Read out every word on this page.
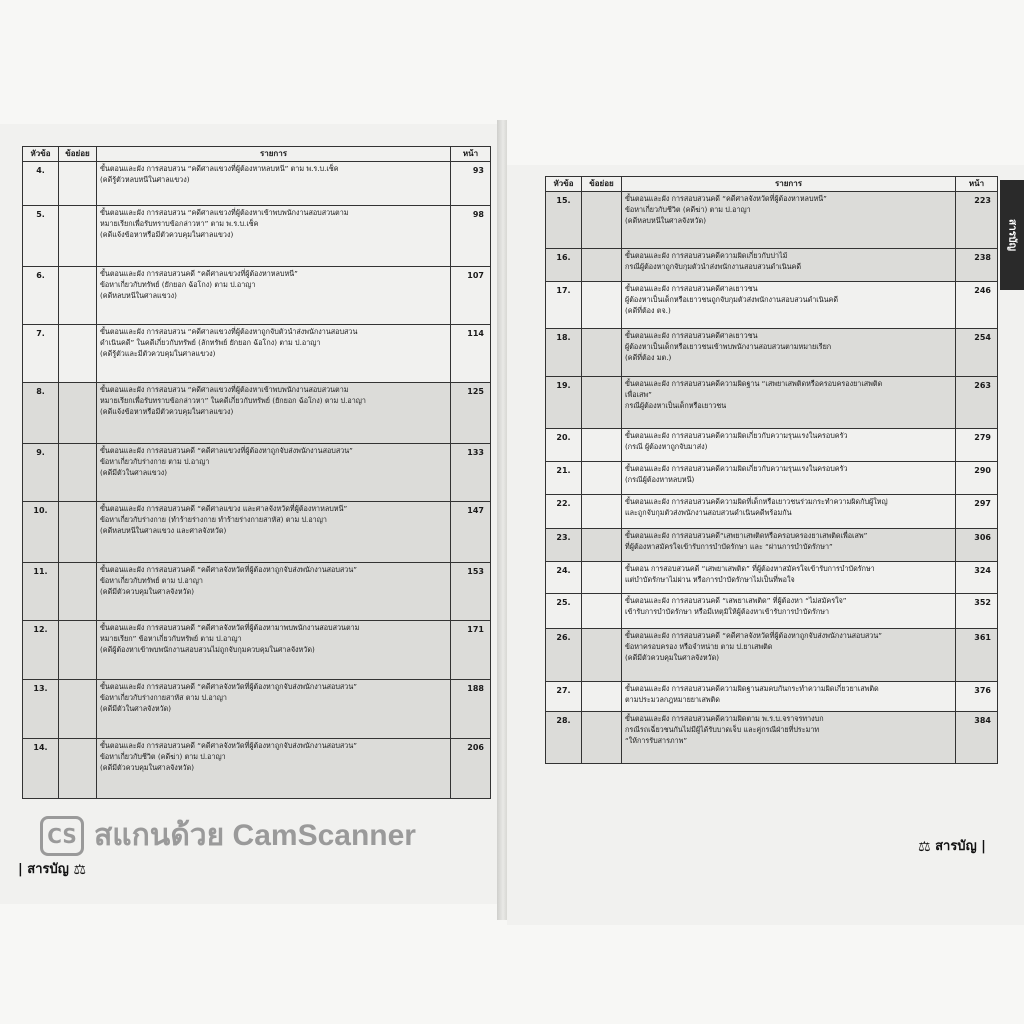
หัวข้อ	ข้อย่อย	รายการ	หน้า
4.		ขั้นตอนและผัง การสอบสวน “คดีศาลแขวงที่ผู้ต้องหาหลบหนี” ตาม พ.ร.บ.เช็ค
(คดีรู้ตัวหลบหนีในศาลแขวง)	93
5.		ขั้นตอนและผัง การสอบสวน “คดีศาลแขวงที่ผู้ต้องหาเข้าพบพนักงานสอบสวนตาม
หมายเรียกเพื่อรับทราบข้อกล่าวหา” ตาม พ.ร.บ.เช็ค
(คดีแจ้งข้อหาหรือมีตัวควบคุมในศาลแขวง)	98
6.		ขั้นตอนและผัง การสอบสวนคดี “คดีศาลแขวงที่ผู้ต้องหาหลบหนี”
ข้อหาเกี่ยวกับทรัพย์ (ยักยอก ฉ้อโกง) ตาม ป.อาญา
(คดีหลบหนีในศาลแขวง)	107
7.		ขั้นตอนและผัง การสอบสวน “คดีศาลแขวงที่ผู้ต้องหาถูกจับตัวนำส่งพนักงานสอบสวน
ดำเนินคดี” ในคดีเกี่ยวกับทรัพย์ (ลักทรัพย์ ยักยอก ฉ้อโกง) ตาม ป.อาญา
(คดีรู้ตัวและมีตัวควบคุมในศาลแขวง)	114
8.		ขั้นตอนและผัง การสอบสวน “คดีศาลแขวงที่ผู้ต้องหาเข้าพบพนักงานสอบสวนตาม
หมายเรียกเพื่อรับทราบข้อกล่าวหา” ในคดีเกี่ยวกับทรัพย์ (ยักยอก ฉ้อโกง) ตาม ป.อาญา
(คดีแจ้งข้อหาหรือมีตัวควบคุมในศาลแขวง)	125
9.		ขั้นตอนและผัง การสอบสวนคดี “คดีศาลแขวงที่ผู้ต้องหาถูกจับส่งพนักงานสอบสวน”
ข้อหาเกี่ยวกับร่างกาย ตาม ป.อาญา
(คดีมีตัวในศาลแขวง)	133
10.		ขั้นตอนและผัง การสอบสวนคดี “คดีศาลแขวง และศาลจังหวัดที่ผู้ต้องหาหลบหนี”
ข้อหาเกี่ยวกับร่างกาย (ทำร้ายร่างกาย ทำร้ายร่างกายสาหัส) ตาม ป.อาญา
(คดีหลบหนีในศาลแขวง และศาลจังหวัด)	147
11.		ขั้นตอนและผัง การสอบสวนคดี “คดีศาลจังหวัดที่ผู้ต้องหาถูกจับส่งพนักงานสอบสวน”
ข้อหาเกี่ยวกับทรัพย์ ตาม ป.อาญา
(คดีมีตัวควบคุมในศาลจังหวัด)	153
12.		ขั้นตอนและผัง การสอบสวนคดี “คดีศาลจังหวัดที่ผู้ต้องหามาพบพนักงานสอบสวนตาม
หมายเรียก” ข้อหาเกี่ยวกับทรัพย์ ตาม ป.อาญา
(คดีผู้ต้องหาเข้าพบพนักงานสอบสวนไม่ถูกจับกุมควบคุมในศาลจังหวัด)	171
13.		ขั้นตอนและผัง การสอบสวนคดี “คดีศาลจังหวัดที่ผู้ต้องหาถูกจับส่งพนักงานสอบสวน”
ข้อหาเกี่ยวกับร่างกายสาหัส ตาม ป.อาญา
(คดีมีตัวในศาลจังหวัด)	188
14.		ขั้นตอนและผัง การสอบสวนคดี “คดีศาลจังหวัดที่ผู้ต้องหาถูกจับส่งพนักงานสอบสวน”
ข้อหาเกี่ยวกับชีวิต (คดีฆ่า) ตาม ป.อาญา
(คดีมีตัวควบคุมในศาลจังหวัด)	206
หัวข้อ	ข้อย่อย	รายการ	หน้า
15.		ขั้นตอนและผัง การสอบสวนคดี “คดีศาลจังหวัดที่ผู้ต้องหาหลบหนี”
ข้อหาเกี่ยวกับชีวิต (คดีฆ่า) ตาม ป.อาญา
(คดีหลบหนีในศาลจังหวัด)	223
16.		ขั้นตอนและผัง การสอบสวนคดีความผิดเกี่ยวกับปาไม้
กรณีผู้ต้องหาถูกจับกุมตัวนำส่งพนักงานสอบสวนดำเนินคดี	238
17.		ขั้นตอนและผัง การสอบสวนคดีศาลเยาวชน
ผู้ต้องหาเป็นเด็กหรือเยาวชนถูกจับกุมตัวส่งพนักงานสอบสวนดำเนินคดี
(คดีที่ต้อง ตจ.)	246
18.		ขั้นตอนและผัง การสอบสวนคดีศาลเยาวชน
ผู้ต้องหาเป็นเด็กหรือเยาวชนเข้าพบพนักงานสอบสวนตามหมายเรียก
(คดีที่ต้อง มต.)	254
19.		ขั้นตอนและผัง การสอบสวนคดีความผิดฐาน “เสพยาเสพติดหรือครอบครองยาเสพติด
เพื่อเสพ”
กรณีผู้ต้องหาเป็นเด็กหรือเยาวชน	263
20.		ขั้นตอนและผัง การสอบสวนคดีความผิดเกี่ยวกับความรุนแรงในครอบครัว
(กรณี ผู้ต้องหาถูกจับมาส่ง)	279
21.		ขั้นตอนและผัง การสอบสวนคดีความผิดเกี่ยวกับความรุนแรงในครอบครัว
(กรณีผู้ต้องหาหลบหนี)	290
22.		ขั้นตอนและผัง การสอบสวนคดีความผิดที่เด็กหรือเยาวชนร่วมกระทำความผิดกับผู้ใหญ่
และถูกจับกุมตัวส่งพนักงานสอบสวนดำเนินคดีพร้อมกัน	297
23.		ขั้นตอนและผัง การสอบสวนคดี“เสพยาเสพติดหรือครอบครองยาเสพติดเพื่อเสพ”
ที่ผู้ต้องหาสมัครใจเข้ารับการบำบัดรักษา และ “ผ่านการบำบัดรักษา”	306
24.		ขั้นตอน การสอบสวนคดี “เสพยาเสพติด” ที่ผู้ต้องหาสมัครใจเข้ารับการบำบัดรักษา
แต่บำบัดรักษาไม่ผ่าน หรือการบำบัดรักษาไม่เป็นที่พอใจ	324
25.		ขั้นตอนและผัง การสอบสวนคดี “เสพยาเสพติด” ที่ผู้ต้องหา “ไม่สมัครใจ”
เข้ารับการบำบัดรักษา หรือมีเหตุมิให้ผู้ต้องหาเข้ารับการบำบัดรักษา	352
26.		ขั้นตอนและผัง การสอบสวนคดี “คดีศาลจังหวัดที่ผู้ต้องหาถูกจับส่งพนักงานสอบสวน”
ข้อหาครอบครอง หรือจำหน่าย ตาม ป.ยาเสพติด
(คดีมีตัวควบคุมในศาลจังหวัด)	361
27.		ขั้นตอนและผัง การสอบสวนคดีความผิดฐานสมคบกันกระทำความผิดเกี่ยวยาเสพติด
ตามประมวลกฎหมายยาเสพติด	376
28.		ขั้นตอนและผัง การสอบสวนคดีความผิดตาม พ.ร.บ.จราจรทางบก
กรณีรถเฉี่ยวชนกันไม่มีผู้ได้รับบาดเจ็บ และคู่กรณีฝ่ายที่ประมาท
“ให้การรับสารภาพ”	384
สารบัญ
CS สแกนด้วย CamScanner
| สารบัญ ⚖
⚖ สารบัญ |
